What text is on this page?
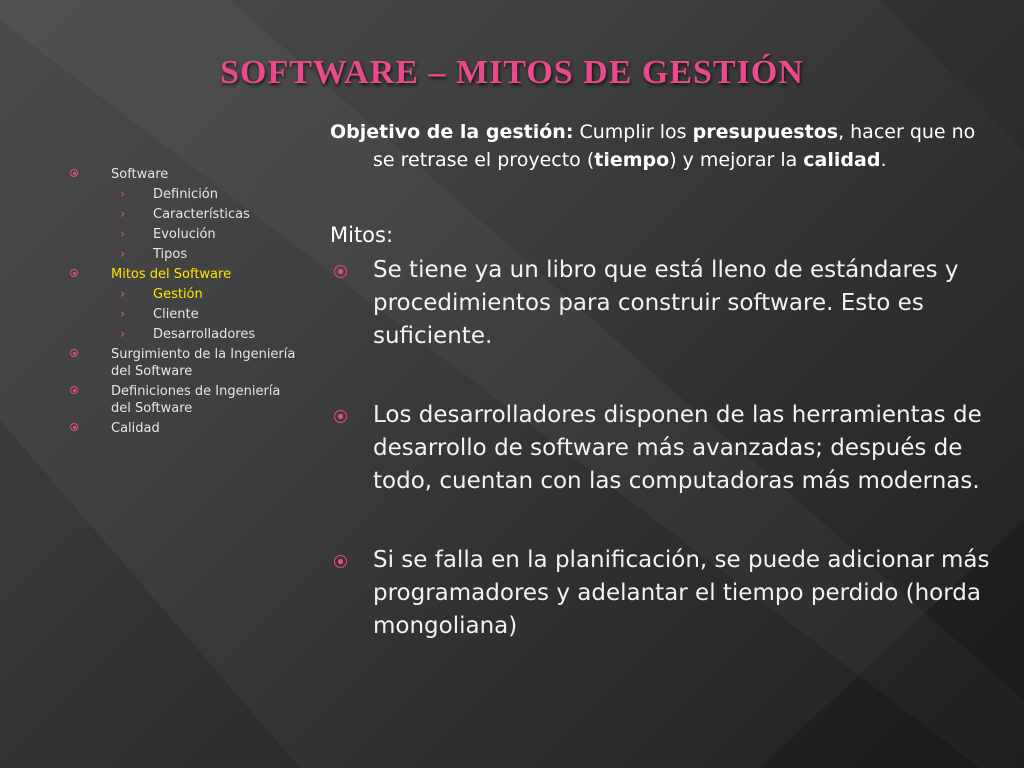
SOFTWARE – MITOS DE GESTIÓN
Software
› Definición
› Características
› Evolución
› Tipos
Mitos del Software
› Gestión
› Cliente
› Desarrolladores
Surgimiento de la Ingeniería del Software
Definiciones de Ingeniería del Software
Calidad
Objetivo de la gestión: Cumplir los presupuestos, hacer que no se retrase el proyecto (tiempo) y mejorar la calidad.
Mitos:
Se tiene ya un libro que está lleno de estándares y procedimientos para construir software. Esto es suficiente.
Los desarrolladores disponen de las herramientas de desarrollo de software más avanzadas; después de todo, cuentan con las computadoras más modernas.
Si se falla en la planificación, se puede adicionar más programadores y adelantar el tiempo perdido (horda mongoliana)
